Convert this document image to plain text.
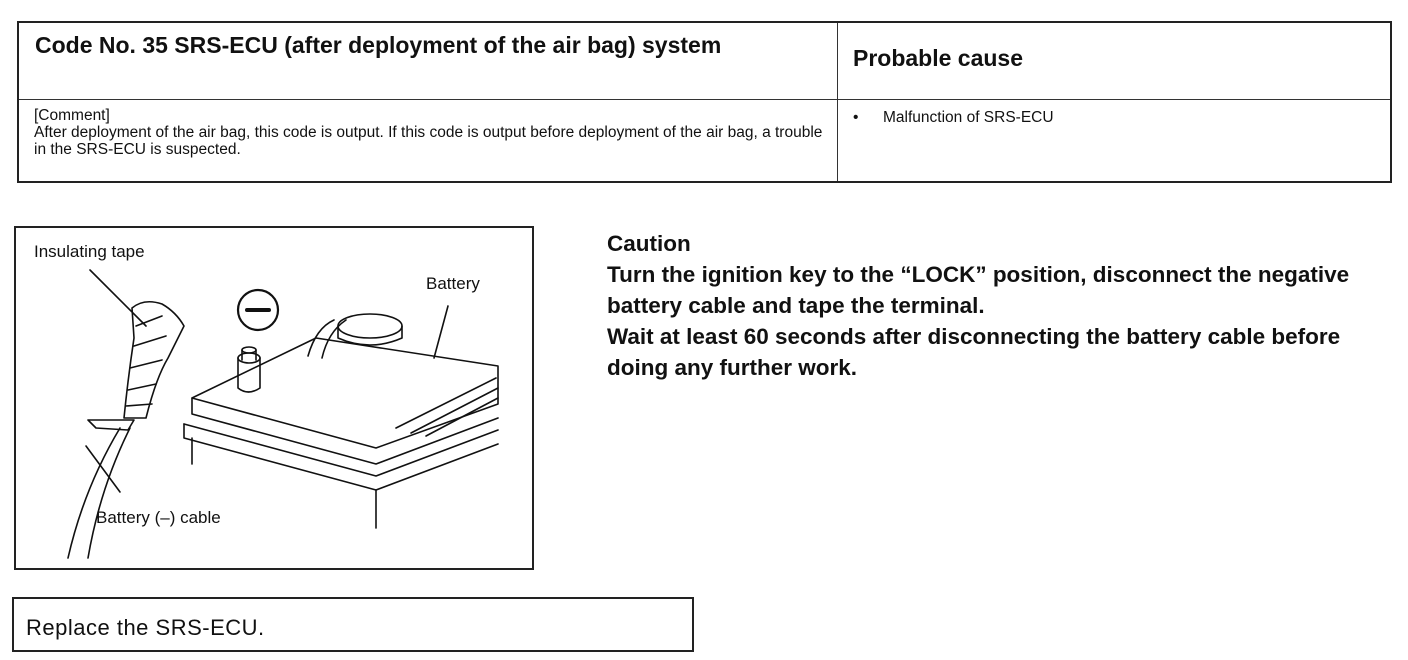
Code No. 35 SRS-ECU (after deployment of the air bag) system	Probable cause
[Comment]
After deployment of the air bag, this code is output. If this code is output before deployment of the air bag, a trouble in the SRS-ECU is suspected.
• Malfunction of SRS-ECU
Insulating tape
Battery
Battery (–) cable
Caution
Turn the ignition key to the “LOCK” position, disconnect the negative battery cable and tape the terminal.
Wait at least 60 seconds after disconnecting the battery cable before doing any further work.
Replace the SRS-ECU.
